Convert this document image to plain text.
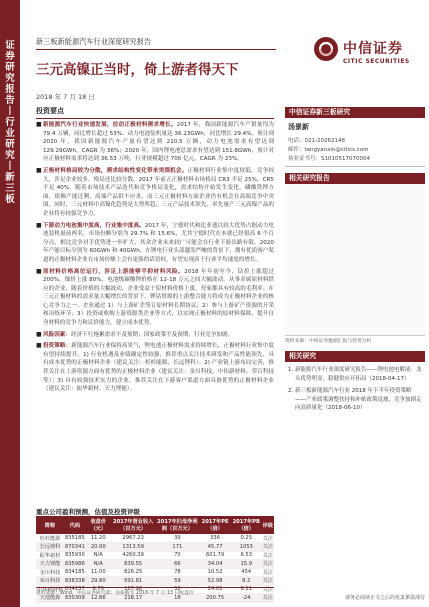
证券研究报告 丨行业研究丨新三板
新三板新能源汽车行业深度研究报告	中信证券
CITIC SECURITIES
三元高镍正当时，倚上游者得天下
2018 年 7 月 18 日
投资要点
■ 新能源汽车行业快速发展，拉动正极材料需求增长。2017 年，我国新能源汽车产销量均为 79.4 万辆，同比增长超过 53%，动力电池装机量达 36.23GWh，同比增长 29.4%。预计到 2020 年，我国新能源汽车产量有望达到 210.5 万辆，动力电池需求有望达到 129.29GWh，CAGR 为 36%；2020 年，国内锂电池总需求有望达到 151.8GWh，预计对应正极材料需求将达到 36.53 万吨，行业规模超过 700 亿元，CAGR 为 23%。
■ 正极材料格局较为分散，需求结构性变化带来突围机会。正极材料行业集中度较低，竞争较大，涉足企业较多，格局还比较分散，2017 年前五正极材料市场格局 CR3 不足 25%，CR5 不足 40%，随着市场技术产品迭代和竞争格局变化，需求结构开始发生变化，磷酸铁锂方面，依赖产能过剩，高端产品供不应求，而三元正极材料方面企业仍有机会在高端竞争中突围，同时，三元材料中高镍化趋势是大势所趋，三元产品技术领先、率先量产三元高镍产品的企业将有较强竞争力。
■ 下游动力电池集中度高，行业集中度高。2017 年，宁德时代和比亚迪以较大优势占据动力电池装机量前两名，市场份额分别为 29.7% 和 15.6%，尤其宁德时代在本就已经很高 6 个百分点，相比竞争对手优势进一步扩大，其余企业未来较广可能会在行业下游出路有限。2020 年产能目标分别为 60GWh 和 40GWh，在锂电行业头部越发严峻的背景下，拥有优质客户渠道的正极材料企业在市场份额上会有更强的话语权，有望实现高于行业平均速度的增长。
■ 原材料价格高位运行，涉足上游能够平抑材料风险。2018 年年初至今，钴价上涨超过 200%，镍价上涨 80%，电池级碳酸锂价格在 12-18 万元之间大幅波动。从事金属原材料供应的企业，随着价格的大幅波动，企业受益于原材料价格上涨，每家都具有较高的毛利率。在三元正极材料的需求量大幅增长的背景下，锂钴资源的上游整合能力将成为正极材料企业的核心竞争力之一。企业通过 1）与上游矿企签订原材料长期协议；2）参与上游矿产资源的开采和冶炼环节；3）投资或收购上游资源类企业等方式，以实现正极材料的原材料保障，提升自身材料的竞争力和议价能力，建立成本优势。
■ 风险因素：经济下行拖累需求不及预期；国家政策不及预期；行业竞争加剧。
■ 投资策略：新能源汽车行业保持高景气，锂电池正极材料需求持续增长，正极材料行业集中度有望持续提升。1) 行业机遇及业绩确定性较强，推荐重点关注技术研发和产品性能领先、具有成本优势的正极材料企业（建议关注：杉杉能源、长远锂科）；2) 产业链上游布局完善，推荐关注在上游资源方面有优势的正极材料企业（建议关注：金川科技、中伟新材料、荣百科技等）；3) 具有较强技术实力的企业，推荐关注在下游客户渠道方面具备优势的正极材料企业（建议关注：振华新材、天力锂能）。
中信证券新三板研究
汤景新
电话：021-20262148
邮件：tangyanxin@citics.com
执业证书号：S1010517070004
相关研究报告
资料来源：中保证券数据汇报与投资分析
相关研究
1. 新能源汽车行业深度研究报告——锂电池电解液：龙头优势明显，稳健供应开拓局（2018-04-17）
2. 新三板新能源汽车行业 2018 年下半年投资策略——产业政策调整扶持和补贴政策退坡，竞争加剧走向高质量化（2018-06-10）
重点公司盈利预测，估值及投资评级
简称	代码	收盘价（元）	2017年营业收入（百万元）	2017年归母净利润（百万元）	2017年PE（倍）	2017年PB（倍）	评级
杉杉能源	835185	11.20	2967.23	39	336	0.25	关注
长远锂科	870341	20.00	1313.59	171	45.77	1053	关注
振华新材	835930	N/A	4260.39	70	601.79	6.53	关注
天力锂能	835986	N/A	839.55	66	34.04	15.9	关注
金川科技	834185	11.00	826.25	78	10.52	454	关注
荣百科技	838338	29.80	591.81	59	52.98	8.2	关注
中伟新材料	834237	6.70	187.98	52	24.01	8.11	关注
天池能源	830309	12.86	218.17	18	200.75	-24	关注
资料来源：Wind，中信证券研究部；估值截至 2018 年 7 月 13 日收盘价
请务必阅读正文之后的免责条款部分
